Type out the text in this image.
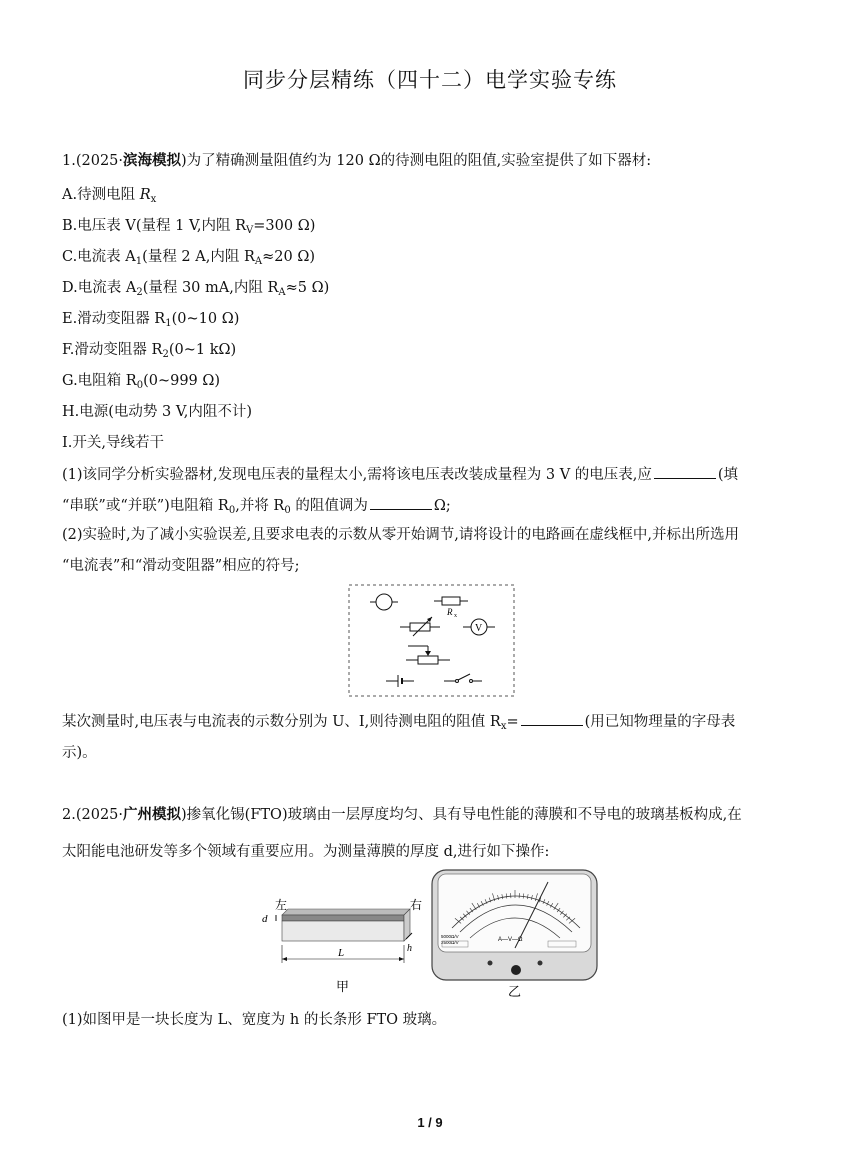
同步分层精练（四十二）电学实验专练
1.(2025·滨海模拟)为了精确测量阻值约为 120 Ω的待测电阻的阻值,实验室提供了如下器材:
A.待测电阻 $R_x$
B.电压表 V(量程 1 V,内阻 $R_V=300$ Ω)
C.电流表 $A_1$(量程 2 A,内阻 $R_A\approx 20$ Ω)
D.电流表 $A_2$(量程 30 mA,内阻 $R_A\approx 5$ Ω)
E.滑动变阻器 $R_1(0\sim 10$ Ω)
F.滑动变阻器 $R_2(0\sim 1$ kΩ)
G.电阻箱 $R_0(0\sim 999$ Ω)
H.电源(电动势 3 V,内阻不计)
I.开关,导线若干
(1)该同学分析实验器材,发现电压表的量程太小,需将该电压表改装成量程为 3 V 的电压表,应	(填
“串联”或“并联”)电阻箱 $R_0$,并将 $R_0$ 的阻值调为	Ω;
(2)实验时,为了减小实验误差,且要求电表的示数从零开始调节,请将设计的电路画在虚线框中,并标出所选用
“电流表”和“滑动变阻器”相应的符号;
R x
V
某次测量时,电压表与电流表的示数分别为 U、I,则待测电阻的阻值 $R_x=$	(用已知物理量的字母表
示)。
2.(2025·广州模拟)掺氧化锡(FTO)玻璃由一层厚度均匀、具有导电性能的薄膜和不导电的玻璃基板构成,在
太阳能电池研发等多个领域有重要应用。为测量薄膜的厚度 d,进行如下操作:
左	右
d
h
L
甲
A—V—Ω
5000Ω/V
2500Ω/V
乙
(1)如图甲是一块长度为 L、宽度为 h 的长条形 FTO 玻璃。
1 / 9
